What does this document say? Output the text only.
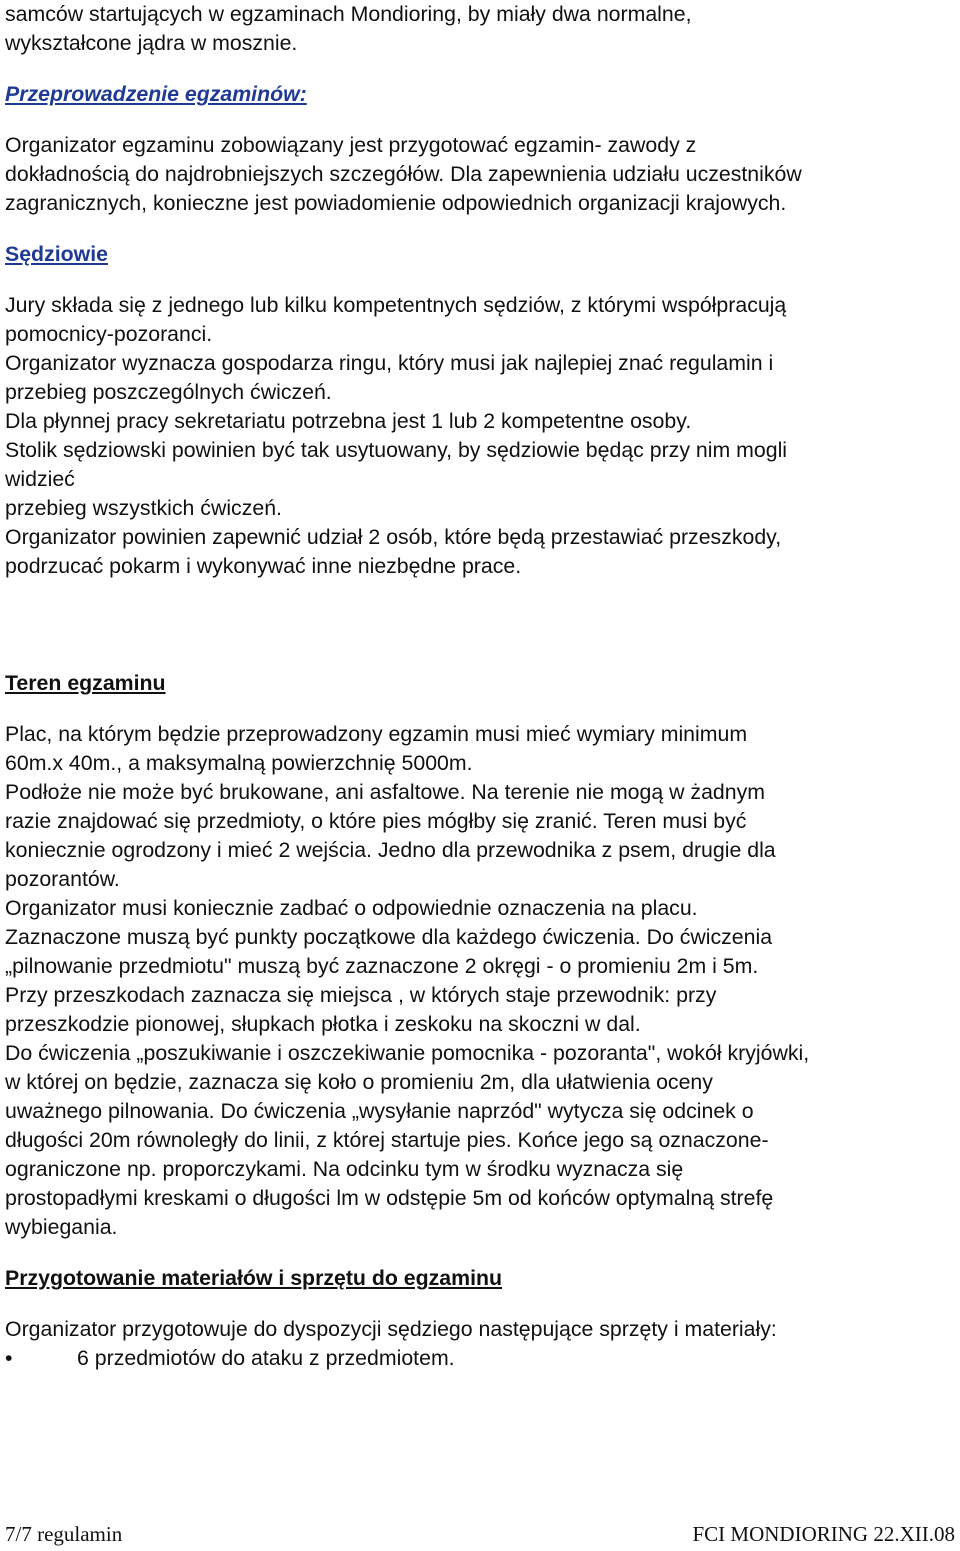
samców startujących w egzaminach Mondioring, by miały dwa normalne,
wykształcone jądra w mosznie.
Przeprowadzenie egzaminów:
Organizator egzaminu zobowiązany jest przygotować egzamin- zawody z
dokładnością do najdrobniejszych szczegółów. Dla zapewnienia udziału uczestników
zagranicznych, konieczne jest powiadomienie odpowiednich organizacji krajowych.
Sędziowie
Jury składa się z jednego lub kilku kompetentnych sędziów, z którymi współpracują
pomocnicy-pozoranci.
Organizator wyznacza gospodarza ringu, który musi jak najlepiej znać regulamin i
przebieg poszczególnych ćwiczeń.
Dla płynnej pracy sekretariatu potrzebna jest 1 lub 2 kompetentne osoby.
Stolik sędziowski powinien być tak usytuowany, by sędziowie będąc przy nim mogli
widzieć
przebieg wszystkich ćwiczeń.
Organizator powinien zapewnić udział 2 osób, które będą przestawiać przeszkody,
podrzucać pokarm i wykonywać inne niezbędne prace.
Teren egzaminu
Plac, na którym będzie przeprowadzony egzamin musi mieć wymiary minimum
60m.x 40m., a maksymalną powierzchnię 5000m.
Podłoże nie może być brukowane, ani asfaltowe. Na terenie nie mogą w żadnym
razie znajdować się przedmioty, o które pies mógłby się zranić. Teren musi być
koniecznie ogrodzony i mieć 2 wejścia. Jedno dla przewodnika z psem, drugie dla
pozorantów.
Organizator musi koniecznie zadbać o odpowiednie oznaczenia na placu.
Zaznaczone muszą być punkty początkowe dla każdego ćwiczenia. Do ćwiczenia
„pilnowanie przedmiotu" muszą być zaznaczone 2 okręgi - o promieniu 2m i 5m.
Przy przeszkodach zaznacza się miejsca , w których staje przewodnik: przy
przeszkodzie pionowej, słupkach płotka i zeskoku na skoczni w dal.
Do ćwiczenia „poszukiwanie i oszczekiwanie pomocnika - pozoranta", wokół kryjówki,
w której on będzie, zaznacza się koło o promieniu 2m, dla ułatwienia oceny
uważnego pilnowania. Do ćwiczenia „wysyłanie naprzód" wytycza się odcinek o
długości 20m równoległy do linii, z której startuje pies. Końce jego są oznaczone-
ograniczone np. proporczykami. Na odcinku tym w środku wyznacza się
prostopadłymi kreskami o długości lm w odstępie 5m od końców optymalną strefę
wybiegania.
Przygotowanie materiałów i sprzętu do egzaminu
Organizator przygotowuje do dyspozycji sędziego następujące sprzęty i materiały:
•	6 przedmiotów do ataku z przedmiotem.
7/7 regulamin	FCI MONDIORING 22.XII.08
